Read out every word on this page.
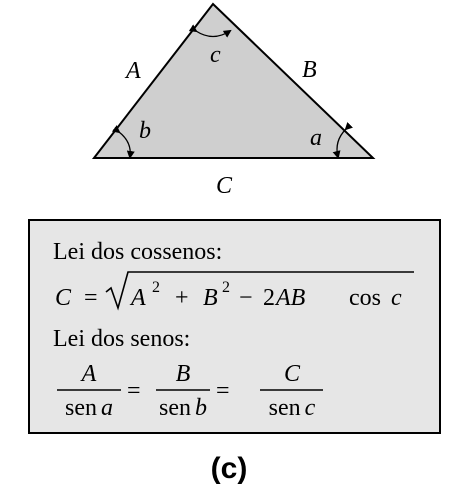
A	B
C
c
b	a
Lei dos cossenos:
C = A 2 + B 2 − 2 AB cos c
Lei dos senos:
A
sen a
=
B
sen b
=
C
sen c
(c)
